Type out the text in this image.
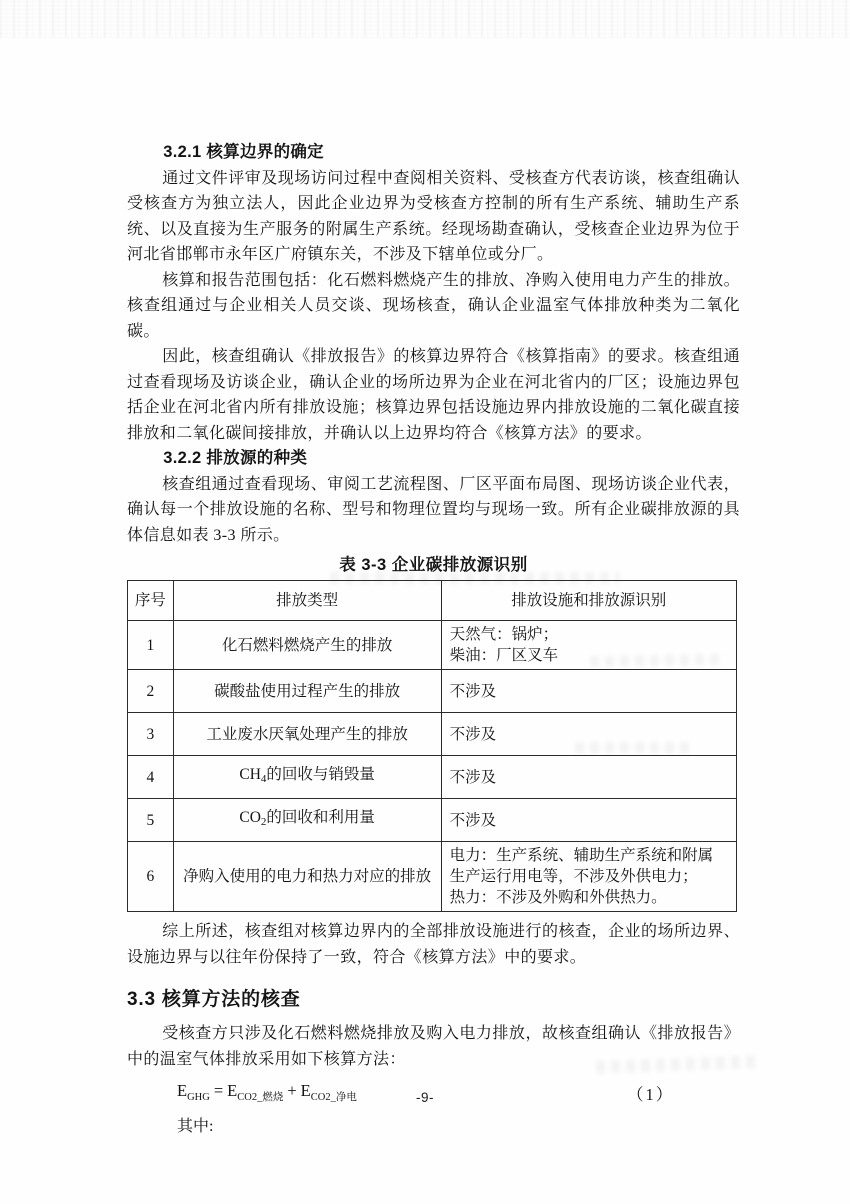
3.2.1 核算边界的确定

通过文件评审及现场访问过程中查阅相关资料、受核查方代表访谈，核查组确认受核查方为独立法人，因此企业边界为受核查方控制的所有生产系统、辅助生产系统、以及直接为生产服务的附属生产系统。经现场勘查确认，受核查企业边界为位于河北省邯郸市永年区广府镇东关，不涉及下辖单位或分厂。

核算和报告范围包括：化石燃料燃烧产生的排放、净购入使用电力产生的排放。核查组通过与企业相关人员交谈、现场核查，确认企业温室气体排放种类为二氧化碳。

因此，核查组确认《排放报告》的核算边界符合《核算指南》的要求。核查组通过查看现场及访谈企业，确认企业的场所边界为企业在河北省内的厂区；设施边界包括企业在河北省内所有排放设施；核算边界包括设施边界内排放设施的二氧化碳直接排放和二氧化碳间接排放，并确认以上边界均符合《核算方法》的要求。

3.2.2 排放源的种类

核查组通过查看现场、审阅工艺流程图、厂区平面布局图、现场访谈企业代表，确认每一个排放设施的名称、型号和物理位置均与现场一致。所有企业碳排放源的具体信息如表 3-3 所示。

表 3-3 企业碳排放源识别
序号	排放类型	排放设施和排放源识别
1	化石燃料燃烧产生的排放	天然气：锅炉；
柴油：厂区叉车
2	碳酸盐使用过程产生的排放	不涉及
3	工业废水厌氧处理产生的排放	不涉及
4	$CH_4$的回收与销毁量	不涉及
5	$CO_2$的回收和利用量	不涉及
6	净购入使用的电力和热力对应的排放	电力：生产系统、辅助生产系统和附属生产运行用电等，不涉及外供电力；
热力：不涉及外购和外供热力。

综上所述，核查组对核算边界内的全部排放设施进行的核查，企业的场所边界、设施边界与以往年份保持了一致，符合《核算方法》中的要求。

3.3 核算方法的核查

受核查方只涉及化石燃料燃烧排放及购入电力排放，故核查组确认《排放报告》中的温室气体排放采用如下核算方法：

$E_{GHG} = E_{CO2\_燃烧} + E_{CO2\_净电}$	（1）

其中:

-9-
